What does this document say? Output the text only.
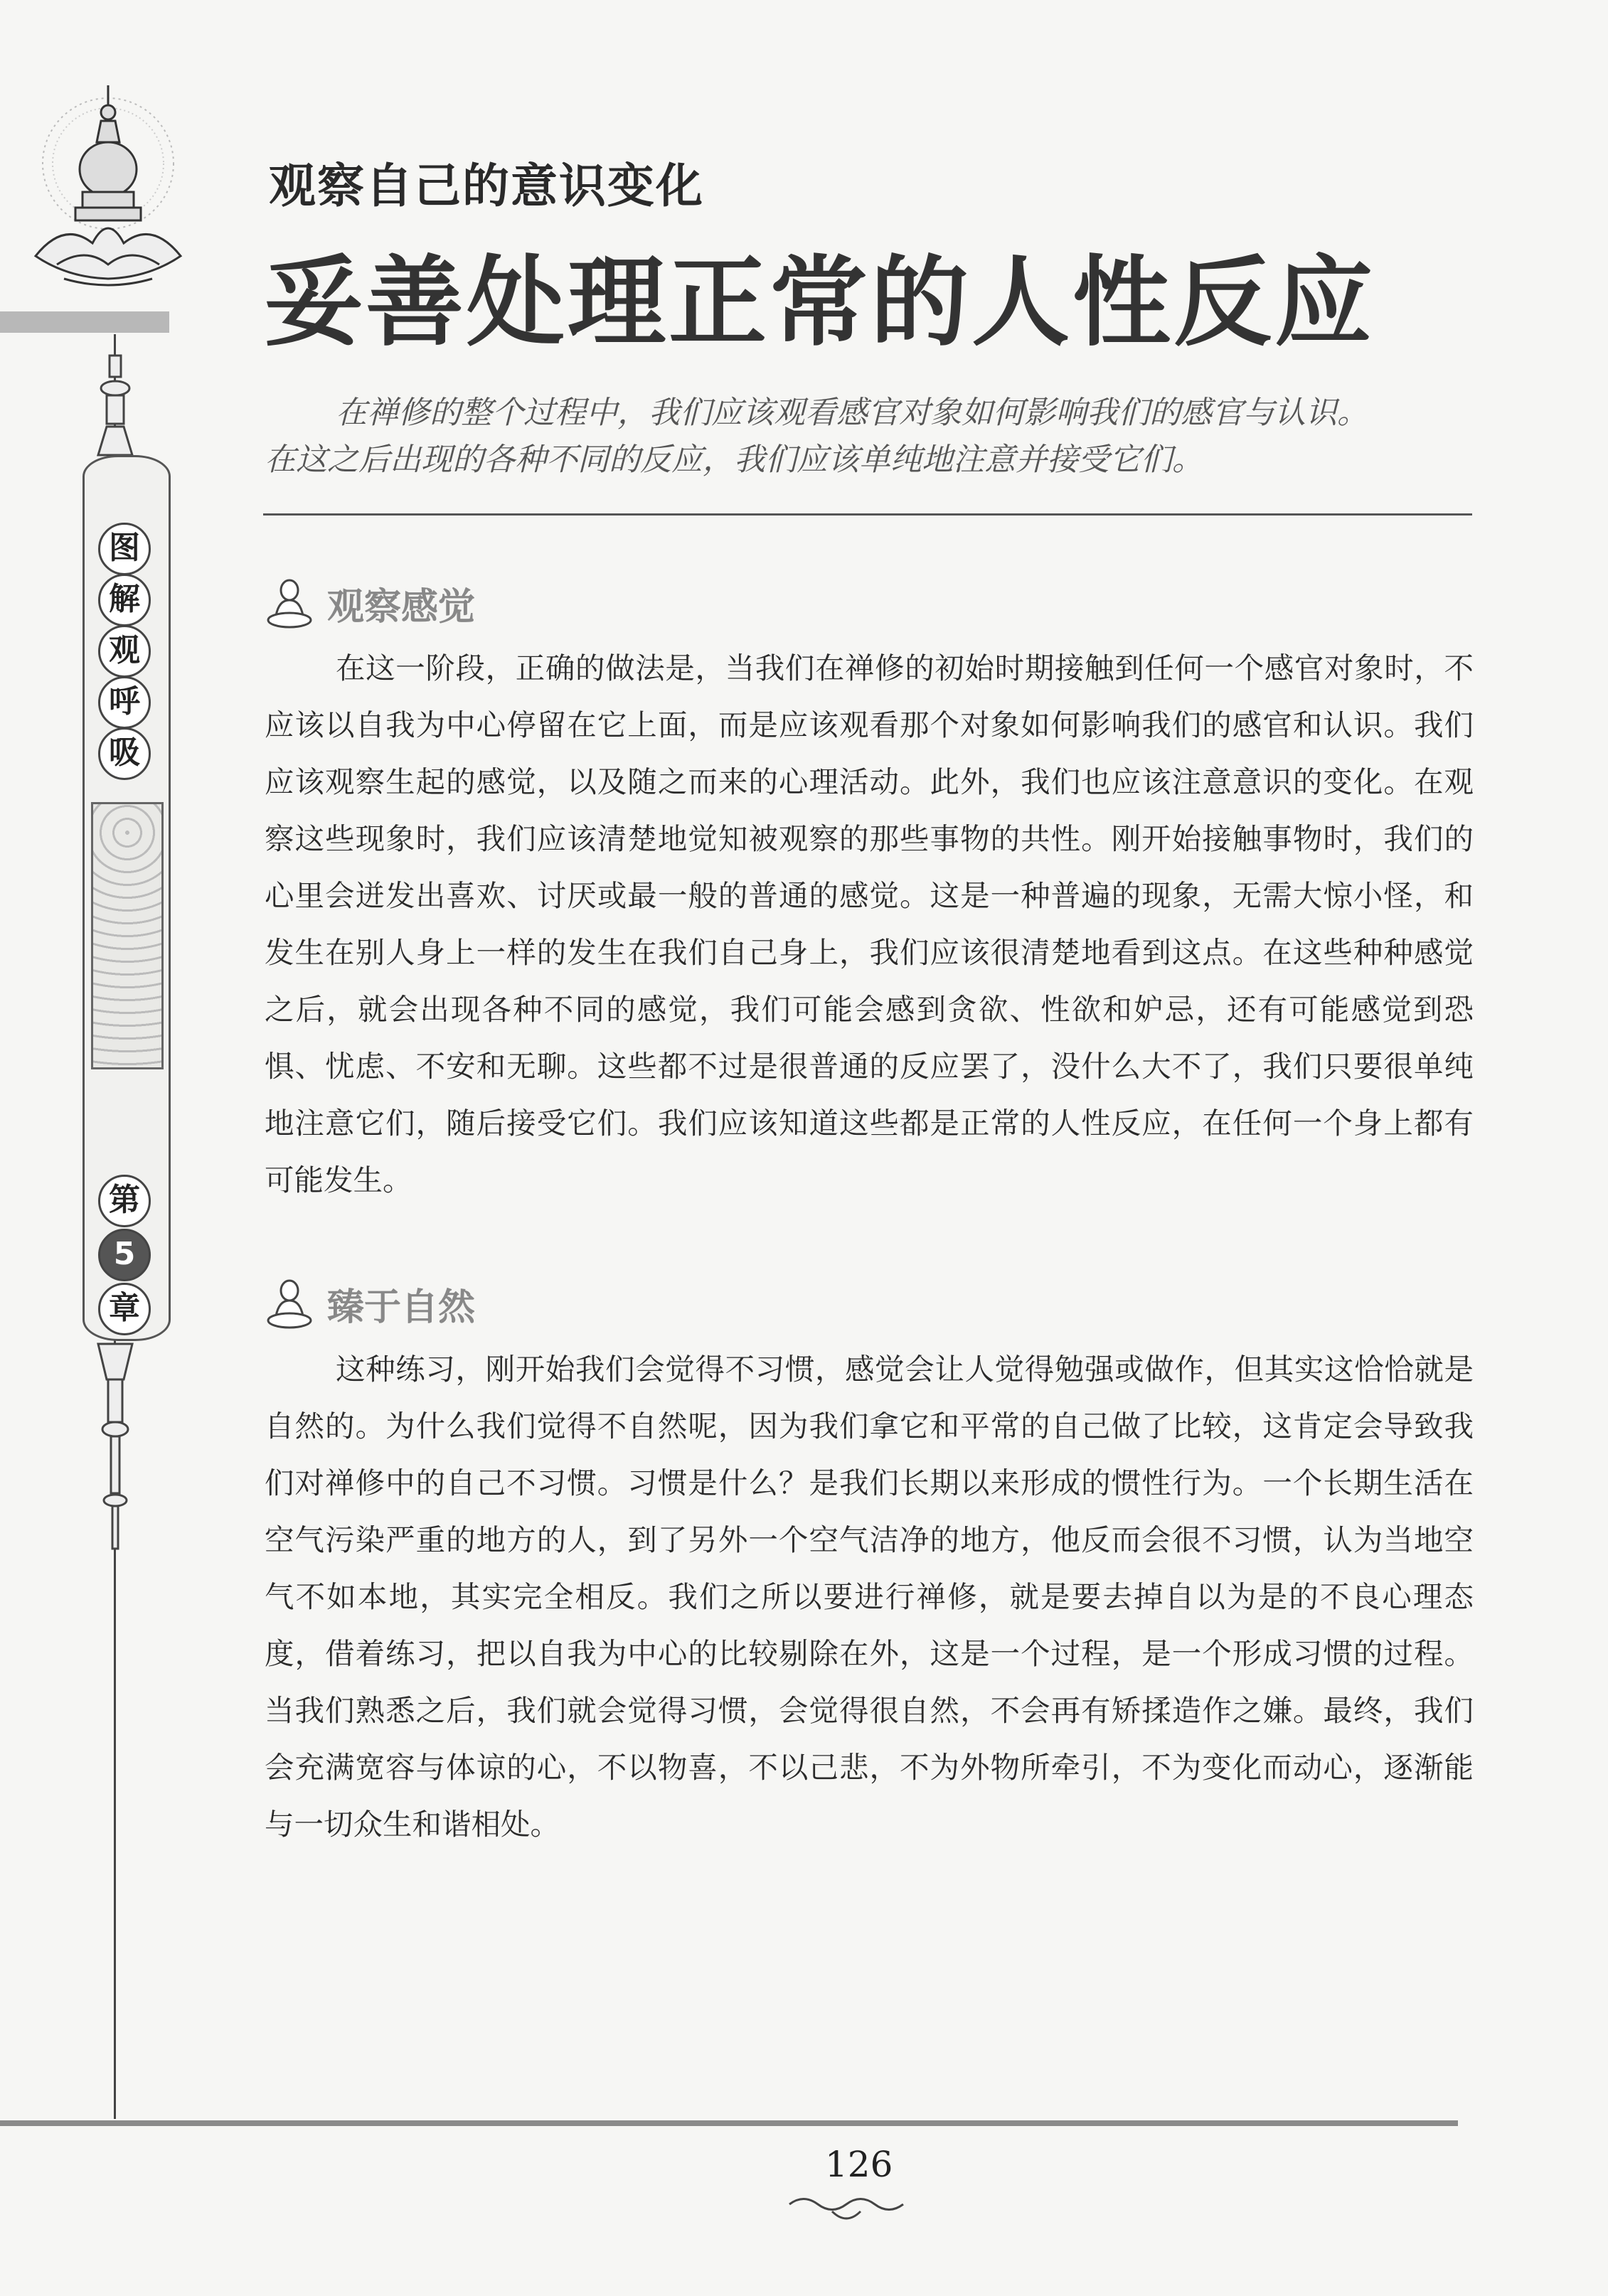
观察自己的意识变化
妥善处理正常的人性反应

在禅修的整个过程中，我们应该观看感官对象如何影响我们的感官与认识。

在这之后出现的各种不同的反应，我们应该单纯地注意并接受它们。

图
解
观
呼
吸
第
5
章
观察感觉
在这一阶段，正确的做法是，当我们在禅修的初始时期接触到任何一个感官对象时，不应该以自我为中心停留在它上面，而是应该观看那个对象如何影响我们的感官和认识。我们应该观察生起的感觉，以及随之而来的心理活动。此外，我们也应该注意意识的变化。在观察这些现象时，我们应该清楚地觉知被观察的那些事物的共性。刚开始接触事物时，我们的心里会迸发出喜欢、讨厌或最一般的普通的感觉。这是一种普遍的现象，无需大惊小怪，和发生在别人身上一样的发生在我们自己身上，我们应该很清楚地看到这点。在这些种种感觉之后，就会出现各种不同的感觉，我们可能会感到贪欲、性欲和妒忌，还有可能感觉到恐惧、忧虑、不安和无聊。这些都不过是很普通的反应罢了，没什么大不了，我们只要很单纯地注意它们，随后接受它们。我们应该知道这些都是正常的人性反应，在任何一个身上都有可能发生。
臻于自然
这种练习，刚开始我们会觉得不习惯，感觉会让人觉得勉强或做作，但其实这恰恰就是自然的。为什么我们觉得不自然呢，因为我们拿它和平常的自己做了比较，这肯定会导致我们对禅修中的自己不习惯。习惯是什么？是我们长期以来形成的惯性行为。一个长期生活在空气污染严重的地方的人，到了另外一个空气洁净的地方，他反而会很不习惯，认为当地空气不如本地，其实完全相反。我们之所以要进行禅修，就是要去掉自以为是的不良心理态度，借着练习，把以自我为中心的比较剔除在外，这是一个过程，是一个形成习惯的过程。当我们熟悉之后，我们就会觉得习惯，会觉得很自然，不会再有矫揉造作之嫌。最终，我们会充满宽容与体谅的心，不以物喜，不以己悲，不为外物所牵引，不为变化而动心，逐渐能与一切众生和谐相处。
126
